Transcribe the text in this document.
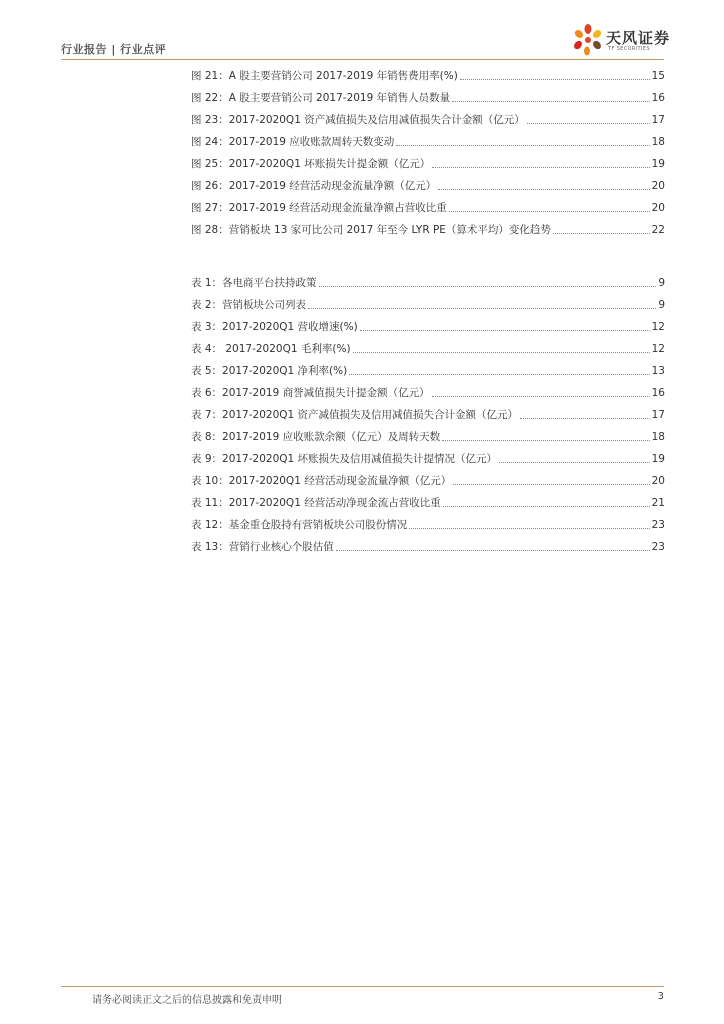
行业报告 | 行业点评
天风证券
TF SECURITIES
图 21：A 股主要营销公司 2017-2019 年销售费用率(%)	15
图 22：A 股主要营销公司 2017-2019 年销售人员数量	16
图 23：2017-2020Q1 资产减值损失及信用减值损失合计金额（亿元）	17
图 24：2017-2019 应收账款周转天数变动	18
图 25：2017-2020Q1 坏账损失计提金额（亿元）	19
图 26：2017-2019 经营活动现金流量净额（亿元）	20
图 27：2017-2019 经营活动现金流量净额占营收比重	20
图 28：营销板块 13 家可比公司 2017 年至今 LYR PE（算术平均）变化趋势	22
表 1：各电商平台扶持政策	9
表 2：营销板块公司列表	9
表 3：2017-2020Q1 营收增速(%)	12
表 4： 2017-2020Q1 毛利率(%)	12
表 5：2017-2020Q1 净利率(%)	13
表 6：2017-2019 商誉减值损失计提金额（亿元）	16
表 7：2017-2020Q1 资产减值损失及信用减值损失合计金额（亿元）	17
表 8：2017-2019 应收账款余额（亿元）及周转天数	18
表 9：2017-2020Q1 坏账损失及信用减值损失计提情况（亿元）	19
表 10：2017-2020Q1 经营活动现金流量净额（亿元）	20
表 11：2017-2020Q1 经营活动净现金流占营收比重	21
表 12：基金重仓股持有营销板块公司股份情况	23
表 13：营销行业核心个股估值	23
请务必阅读正文之后的信息披露和免责申明	3
